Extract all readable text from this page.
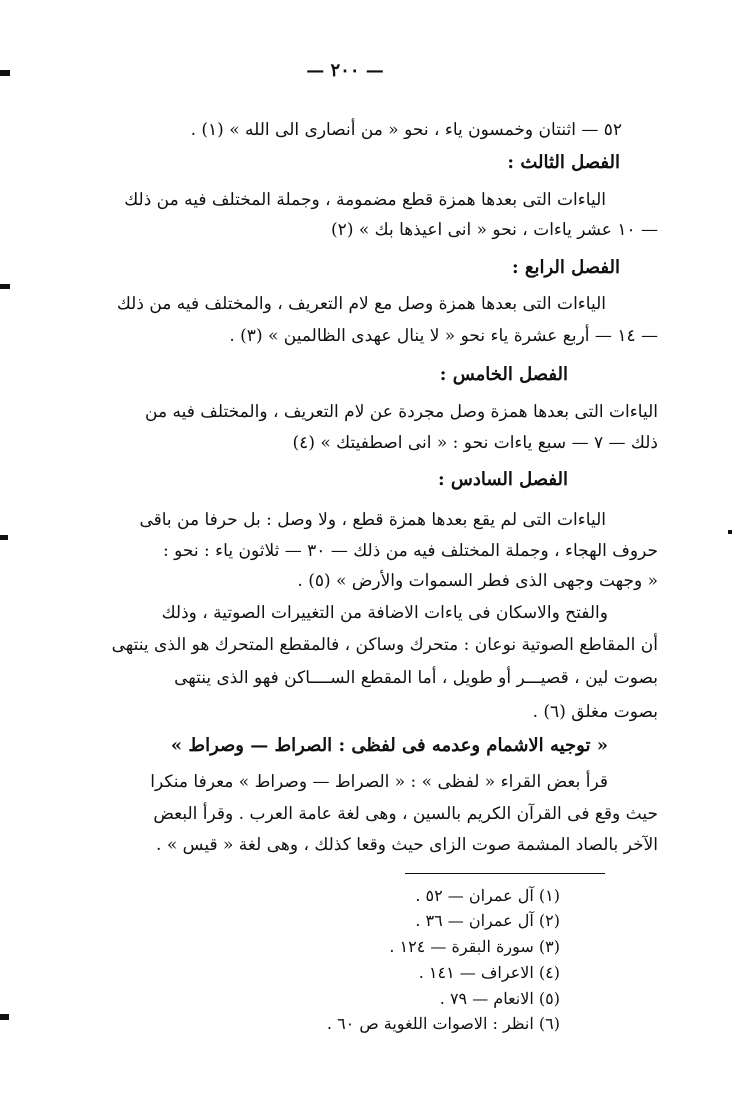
— ٢٠٠ —
٥٢ — اثنتان وخمسون ياء ، نحو « من أنصارى الى الله » (١) .
الفصل الثالث :
الياءات التى بعدها همزة قطع مضمومة ، وجملة المختلف فيه من ذلك
— ١٠ عشر ياءات ، نحو « انى اعيذها بك » (٢)
الفصل الرابع :
الياءات التى بعدها همزة وصل مع لام التعريف ، والمختلف فيه من ذلك
— ١٤ — أربع عشرة ياء نحو « لا ينال عهدى الظالمين » (٣) .
الفصل الخامس :
الياءات التى بعدها همزة وصل مجردة عن لام التعريف ، والمختلف فيه من
ذلك — ٧ — سبع ياءات نحو : « انى اصطفيتك » (٤)
الفصل السادس :
الياءات التى لم يقع بعدها همزة قطع ، ولا وصل : بل حرفا من باقى
حروف الهجاء ، وجملة المختلف فيه من ذلك — ٣٠ — ثلاثون ياء : نحو :
« وجهت وجهى الذى فطر السموات والأرض » (٥) .
والفتح والاسكان فى ياءات الاضافة من التغييرات الصوتية ، وذلك
أن المقاطع الصوتية نوعان : متحرك وساكن ، فالمقطع المتحرك هو الذى ينتهى
بصوت لين ، قصيـــر أو طويل ، أما المقطع الســــاكن فهو الذى ينتهى
بصوت مغلق (٦) .
« توجيه الاشمام وعدمه فى لفظى : الصراط — وصراط »
قرأ بعض القراء « لفظى » : « الصراط — وصراط » معرفا منكرا
حيث وقع فى القرآن الكريم بالسين ، وهى لغة عامة العرب . وقرأ البعض
الآخر بالصاد المشمة صوت الزاى حيث وقعا كذلك ، وهى لغة « قيس » .
(١) آل عمران — ٥٢ .
(٢) آل عمران — ٣٦ .
(٣) سورة البقرة — ١٢٤ .
(٤) الاعراف — ١٤١ .
(٥) الانعام — ٧٩ .
(٦) انظر : الاصوات اللغوية ص ٦٠ .
